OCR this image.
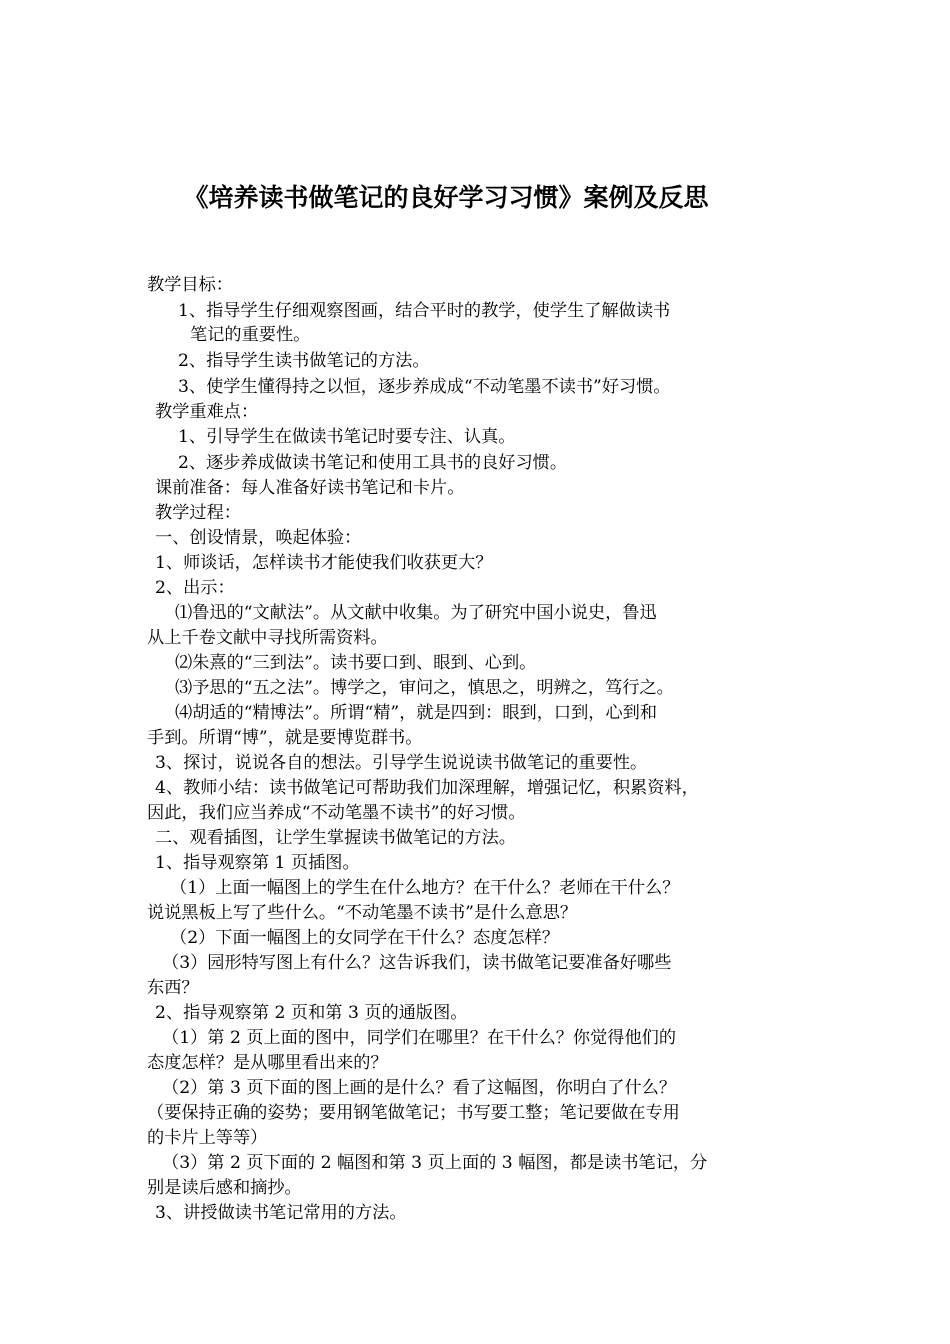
《培养读书做笔记的良好学习习惯》案例及反思

教学目标：

1、指导学生仔细观察图画，结合平时的教学，使学生了解做读书

笔记的重要性。

2、指导学生读书做笔记的方法。

3、使学生懂得持之以恒，逐步养成成“不动笔墨不读书”好习惯。

教学重难点：

1、引导学生在做读书笔记时要专注、认真。

2、逐步养成做读书笔记和使用工具书的良好习惯。

课前准备：每人准备好读书笔记和卡片。

教学过程：

一、创设情景，唤起体验：

1、师谈话，怎样读书才能使我们收获更大？

2、出示：

⑴鲁迅的“文献法”。从文献中收集。为了研究中国小说史，鲁迅

从上千卷文献中寻找所需资料。

⑵朱熹的“三到法”。读书要口到、眼到、心到。

⑶予思的“五之法”。博学之，审问之，慎思之，明辨之，笃行之。

⑷胡适的“精博法”。所谓“精”，就是四到：眼到，口到，心到和

手到。所谓“博”，就是要博览群书。

3、探讨，说说各自的想法。引导学生说说读书做笔记的重要性。

4、教师小结：读书做笔记可帮助我们加深理解，增强记忆，积累资料，

因此，我们应当养成“不动笔墨不读书”的好习惯。

二、观看插图，让学生掌握读书做笔记的方法。

1、指导观察第 1 页插图。

（1）上面一幅图上的学生在什么地方？在干什么？老师在干什么？

说说黑板上写了些什么。“不动笔墨不读书”是什么意思？

（2）下面一幅图上的女同学在干什么？态度怎样？

（3）园形特写图上有什么？这告诉我们，读书做笔记要准备好哪些

东西？

2、指导观察第 2 页和第 3 页的通版图。

（1）第 2 页上面的图中，同学们在哪里？在干什么？你觉得他们的

态度怎样？是从哪里看出来的？

（2）第 3 页下面的图上画的是什么？看了这幅图，你明白了什么？

（要保持正确的姿势；要用钢笔做笔记；书写要工整；笔记要做在专用

的卡片上等等）

（3）第 2 页下面的 2 幅图和第 3 页上面的 3 幅图，都是读书笔记，分

别是读后感和摘抄。

3、讲授做读书笔记常用的方法。
